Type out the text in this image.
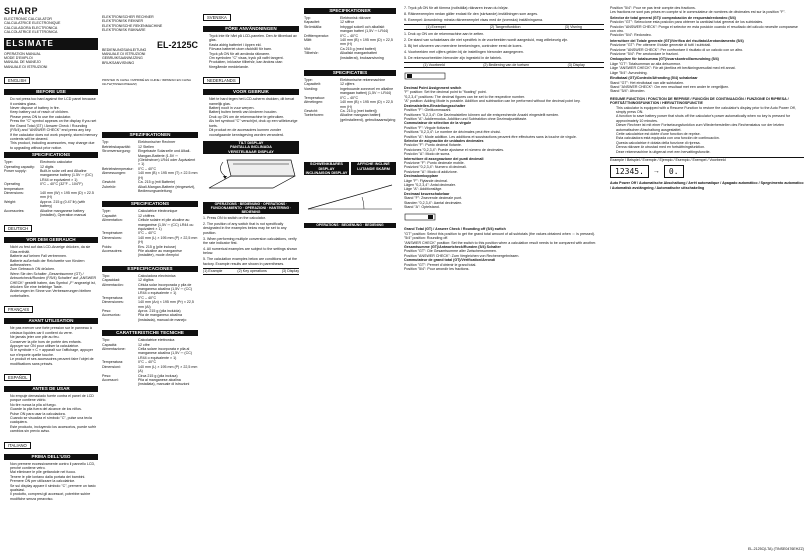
SHARP
ELECTRONIC CALCULATOR
CALCULATRICE ELECTRONIQUE
CALCULADORA ELECTRONICA
CALCOLATRICE ELETTRONICA
ELSIMATE
OPERATION MANUAL
MODE D'EMPLOI
MANUAL DE MANEJO
MANUALE DI ISTRUZIONI
ENGLISH
BEFORE USE
• Do not press too hard against the LCD panel because it contains glass.
• Never dispose of battery in fire.
• Keep battery out of reach of children.
• Please press ON to use the calculator.
• Press the "C" symbol appears on the display if you set the Grand Total (GT) / Answer Check / Rounding (F/5/4) and "ANSWER CHECK" end press any key.
• If the calculator does not work properly, stored memory contents will be cleared.
• This product, including accessories, may change due to upgrading without prior notice.
SPECIFICATIONS
Type:	Electronic calculator
Operating capacity:	12 digits
Power supply:	Built-in solar cell and Alkaline manganese battery (1.5V ⎓ (DC) LR44 or equivalent × 1)
Operating temperature:
0°C – 40°C (32°F – 104°F)
Dimensions:	140 mm (W) × 195 mm (D) × 22.5 mm (H)
Weight:	Approx. 215 g (0.47 lb) (with battery)
Accessories:	Alkaline manganese battery (installed), Operation manual
DEUTSCH
VOR DEM GEBRAUCH
• Nicht zu fest auf das LCD-Anzeige drücken, da sie Glas enthält.
• Batterie auf keinen Fall verbrennen.
• Batterie außerhalb der Reichweite von Kindern aufbewahren.
• Zum Gebrauch ON drücken.
• Wenn Sie den Schalter „Gesamtsumme (GT) / Antwortcheck/Runden (F/5/4) Schalter“ auf „ANSWER CHECK“ gestellt haben, das Symbol „F“ angezeigt ist, drücken Sie eine beliebige Taste.
• Änderungen im Sinne von Verbesserungen bleiben vorbehalten.
FRANÇAIS
AVANT UTILISATION
• Ne pas exercer une forte pression sur le panneau à cristaux liquides car il contient du verre.
• Ne jamais jeter une pile au feu.
• Conserver la pile hors de portée des enfants.
• Appuyer sur ON pour utiliser la calculatrice.
• Si le symbole « C » apparaît sur l'affichage, appuyer sur n'importe quelle touche.
• Le produit et ses accessoires peuvent faire l'objet de modifications sans préavis.
ESPAÑOL
ANTES DE USAR
• No empuje demasiado fuerte contra el panel de LCD porque contiene vidrio.
• No tire nunca la pila al fuego.
• Guarde la pila fuera del alcance de los niños.
• Pulse ON para usar la calculadora.
• Cuando se visualiza el símbolo "C", pulse una tecla cualquiera.
• Este producto, incluyendo los accesorios, puede sufrir cambios sin previo aviso.
ITALIANO
PRIMA DELL'USO
• Non premere eccessivamente contro il pannello LCD, perché contiene vetro.
• Mai eliminare le pile gettandole nel fuoco.
• Tenere le pile lontano dalla portata dei bambini.
• Premere ON per utilizzare la calcolatrice.
• Se sul display appare il simbolo "C", premere un tasto qualsiasi.
• Il prodotto, compresi gli accessori, potrebbe subire modifiche senza preavviso.
ELEKTRONISCHER RECHNER
ELEKTRONISK REKNER
ELEKTRONISCHE REKENMACHINE
ELEKTRONISK RÄKNARE
BEDIENUNGSANLEITUNG
MANUALE DI ISTRUZIONI
GEBRUIKSAANWIJZING
BRUKSANVISNING
PRINTED IN CHINA / IMPRIMÉ EN CHINE / IMPRESO EN CHINA
01LTW(TINSE0476EHZZ)
SPEZIFIKATIONEN
Typ:	Elektronischer Rechner
Betriebskapazität:	12 Stellen
Stromversorgung:	Eingebaute Solarzelle und Alkali-Mangan-Batterie (1.5V ⎓ (Gleichstrom) LR44 oder Äquivalent × 1)
Betriebstemperatur:	0°C – 40°C
Abmessungen:	140 mm (B) × 195 mm (T) × 22.5 mm (H)
Gewicht:	Ca. 215 g (mit Batterie)
Zubehör:	Alkali-Mangan-Batterie (eingesetzt), Bedienungsanleitung
SPECIFICATIONS
Type:	Calculatrice électronique
Capacité:	12 chiffres
Alimentation:	Cellule solaire et pile alcaline au manganèse (1,5V ⎓ (CC) LR44 ou équivalent × 1)
Température:	0°C – 40°C
Dimensions:	140 mm (L) × 195 mm (P) × 22,5 mm (H)
Poids:	Env. 215 g (pile incluse)
Accessoires:	Pile alcaline au manganèse (installée), mode d'emploi
ESPECIFICACIONES
Tipo:	Calculadora electrónica
Capacidad:	12 dígitos
Alimentación:	Célula solar incorporada y pila de manganeso alcalina (1,5V ⎓ (CC) LR44 o equivalente × 1)
Temperatura:	0°C – 40°C
Dimensiones:	140 mm (An) × 195 mm (Pr) × 22,5 mm (Al)
Peso:	Aprox. 215 g (pila incluida)
Accesorios:	Pila de manganeso alcalina (instalada), manual de manejo
CARATTERISTICHE TECNICHE
Tipo:	Calcolatrice elettronica
Capacità:	12 cifre
Alimentazione:	Cella solare incorporata e pila al manganese alcalina (1,5V ⎓ (CC) LR44 o equivalente × 1)
Temperatura:	0°C – 40°C
Dimensioni:	140 mm (L) × 195 mm (P) × 22,5 mm (A)
Peso:	Circa 215 g (pila inclusa)
Accessori:	Pila al manganese alcalina (installata), manuale di istruzioni
SVENSKA
FÖRE ANVÄNDNINGEN
• Tryck inte för hårt på LCD-panelen. Den är tillverkad av glas.
• Kasta aldrig batteriet i öppen eld.
• Förvara batteriet utom räckhåll för barn.
• Tryck på ON för att använda räknaren.
• Om symbolen "C" visas, tryck på valfri tangent.
• Produkten, inklusive tillbehör, kan ändras utan föregående meddelande.
NEDERLANDS
VOOR GEBRUIK
• Niet te hard tegen het LCD-scherm drukken, dit bevat namelijk glas.
• Batterij nooit in vuur werpen.
• Batterij buiten bereik van kinderen houden.
• Druk op ON om de rekenmachine te gebruiken.
• Als het symbool "C" verschijnt, druk op een willekeurige toets.
• Dit product en de accessoires kunnen zonder voorafgaande kennisgeving worden veranderd.
TILT DISPLAY
PANTALLA INCLINADA
VERSTELBAAR DISPLAY
OPERATIONS · BEDIENUNG · OPERATIONS · FUNCIONAMIENTO · OPERAZIONI · HANTERING · BEDIENING
1. Press ON to switch on the calculator.
2. The position of any switch that is not specifically designated in the examples below may be set to any position.
3. When performing multiple conversion calculations, verify the rate indicator first.
4. All numerical examples are subject to the settings shown below.
5. The calculation examples below are conditions set at the factory. Example results are shown in parentheses.
(1) Example	(2) Key operations	(3) Display
SPECIFIKATIONER
Typ:	Elektronisk räknare
Kapacitet:	12 siffror
Strömkälla:	Inbyggd solcell och alkaliskt mangan batteri (1,5V ⎓ LR44)
Drifttemperatur:	0°C – 40°C
Mått:	140 mm (B) × 195 mm (D) × 22,5 mm (H)
Vikt:	Ca 215 g (med batteri)
Tillbehör:	Alkaliskt manganbatteri (installerat), bruksanvisning
SPECIFICATIES
Type:	Elektronische rekenmachine
Capaciteit:	12 cijfers
Voeding:	Ingebouwde zonnecel en alkaline mangaan batterij (1,5V ⎓ LR44)
Temperatuur:	0°C – 40°C
Afmetingen:	140 mm (B) × 195 mm (D) × 22,5 mm (H)
Gewicht:	Ca. 215 g (met batterij)
Toebehoren:	Alkaline mangaan batterij (geïnstalleerd), gebruiksaanwijzing
SCHWENKBARES DISPLAY
INCLINAISON DISPLAY
AFFICHE INCLINÉ
LUTANDE SKÄRM
OPERATIONS · BEDIENUNG · BEDIENING
7. Tryck på ON för att tömma (nollställa) räknaren innan du börjar.
8. Räkneexemplen nedan gäller endast för den (skrivande) inställningen som anges.
9. Exempel: Avrundning: minsta räkneexemplet visas med de (svenska) inställningarna.
(1) Exempel	(2) Tangentfunktion	(3) Visning
1. Druk op ON om de rekenmachine aan te zetten.
2. De stand van schakelaars die niet specifiek in de voorbeelden wordt aangeduid, mag willekeurig zijn.
3. Bij het uitvoeren van meerdere berekeningen, controleer eerst de koers.
4. Voorbeelden met cijfers gelden bij de instellingen hieronder aangegeven.
5. De rekenvoorbeelden hieronder zijn ingesteld in de fabriek.
(1) Voorbeeld	(2) Bediening van de toetsen	(3) Display
Decimal Point Assignment switch
"F" position: Set the decimal point to "floating" point.
"0,2,3,4" positions: The decimal figures can be set to the respective number.
"A" position: Adding Mode is possible. Addition and subtraction can be performed without the decimal point key.
Dezimalstellen-Einstellungsschalter
Position "F": Gleitkommazahl.
Positionen "0,2,3,4": Die Dezimalstellen können auf die entsprechende Anzahl eingestellt werden.
Position "A": Addiermodus. Addition und Subtraktion ohne Dezimalpunkttaste.
Commutateur de sélection de la virgule
Position "F": Virgule flottante.
Positions "0,2,3,4": Le nombre de décimales peut être choisi.
Position "A": Mode addition. Les additions et soustractions peuvent être effectuées sans la touche de virgule.
Selector de asignación de unidades decimales
Posición "F": Punto decimal flotante.
Posiciones "0,2,3,4": Puede ajustarse el número de decimales.
Posición "A": Modo de suma.
Interruttore di assegnazione dei punti decimali
Posizione "F": Punto decimale mobile.
Posizioni "0,2,3,4": Numero di decimali.
Posizione "A": Modo di addizione.
Decimalomkopplare
Läge "F": Flytande decimal.
Lägen "0,2,3,4": Antal decimaler.
Läge "A": Additionsläge.
Decimaal keuzeschakelaar
Stand "F": Zwevende decimale punt.
Standen "0,2,3,4": Aantal decimalen.
Stand "A": Optelstand.
Grand Total (GT) / Answer Check / Rounding off (5/4) switch
"GT" position: Select this position to get the grand total amount of all subtotals (the values obtained when ＝ is pressed).
"5/4" position: Rounding off.
"ANSWER CHECK" position: Set the switch to this position when a calculation result needs to be compared with another.
Gesamtsumme (GT)/Antwortcheck/Runden (5/4) Schalter
Position "GT": Die Gesamtsumme aller Zwischensummen.
Position "ANSWER CHECK": Zum Vergleichen von Rechenergebnissen.
Commutateur de grand total (GT)/Vérification/Arrondi
Position "GT": Permet d'obtenir le grand total.
Position "5/4": Pour arrondir les fractions.
Position "5/4": Pour ne pas tenir compte des fractions.
Les fractions ne sont pas prises en compte si le commutateur de nombres de décimales est sur la position "F".
Selector de total general (GT)/ comprobación de respuesta/redondeo (5/4)
Posición "GT": Seleccione esta posición para obtener la cantidad total general de los subtotales.
Posición "ANSWER CHECK": Ponga el selector en esta posición cuando el resultado del cálculo necesite compararse con otro.
Posición "5/4": Redondeo.
Interruttore del Totale generale (GT)/Verifica del risultato/Arrotondamento (5/4)
Posizione "GT": Per ottenere il totale generale di tutti i subtotali.
Posizione "ANSWER CHECK": Per confrontare il risultato di un calcolo con un altro.
Posizione "5/4": Per arrotondare le frazioni.
Omkopplare för totalsumma (GT)/svarskontroll/avrundning (5/4)
Läge "GT": Totalsumman av alla delsummor.
Läge "ANSWER CHECK": För att jämföra ett beräkningsresultat med ett annat.
Läge "5/4": Avrundning.
Eindtotaal (GT)/Controle/Afronding (5/4) schakelaar
Stand "GT": Het eindtotaal van alle subtotalen.
Stand "ANSWER CHECK": Om een resultaat met een ander te vergelijken.
Stand "5/4": Afronden.
RESUME FUNCTION / FONCTION DE REPRISE / FUNCIÓN DE CONTINUACIÓN / FUNZIONE DI RIPRESA / FORTSÄTTNINGSFUNKTION / HERVATTINGSFUNCTIE
• This calculator is equipped with a Resume Function to restore the calculator's display prior to the Auto Power Off, simply press ON.
• A function to save battery power that shuts off the calculator's power automatically when no key is pressed for approximately 10 minutes.
• Dieser Rechner ist mit einer Fortsetzungsfunktion zum Wiederherstellen des Rechenstatus vor der letzten automatischen Abschaltung ausgestattet.
• Cette calculatrice est dotée d'une fonction de reprise.
• Esta calculadora está equipada con una función de continuación.
• Questa calcolatrice è dotata della funzione di ripresa.
• Denna räknare är utrustad med en fortsättningsfunktion.
• Deze rekenmachine is uitgerust met een hervattingsfunctie.
Example / Beispiel / Exemple / Ejemplo / Esempio / Exempel / Voorbeeld
12345.	→	0.
Auto Power Off / Automatische Abschaltung / Arrêt automatique / Apagado automático / Spegnimento automatico / Automatisk avstängning / Automatische uitschakeling
EL-2125C(LTA) (TINSE0476EHZZ)
EL-2125C
